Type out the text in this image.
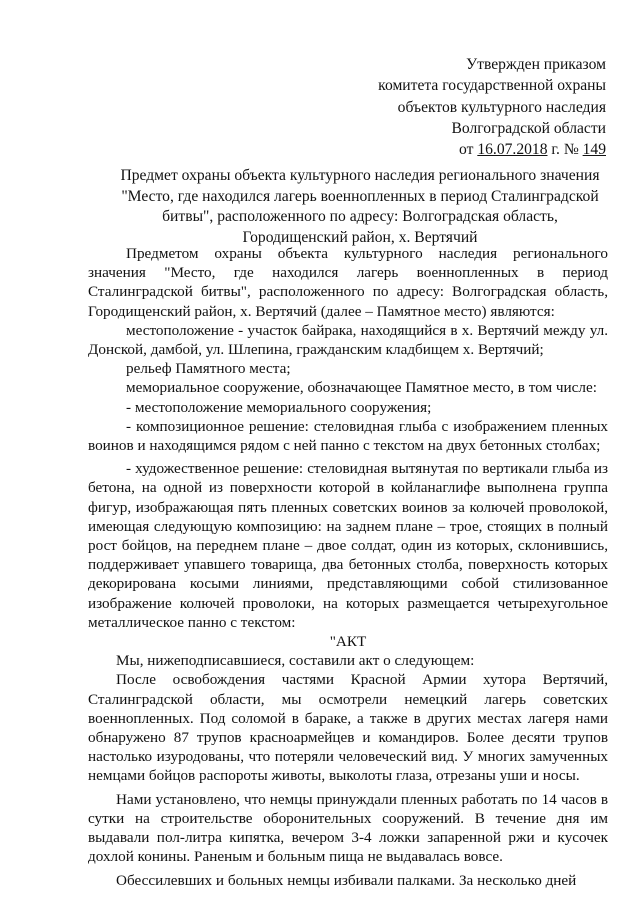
Утвержден приказом
комитета государственной охраны
объектов культурного наследия
Волгоградской области
от 16.07.2018 г. № 149
Предмет охраны объекта культурного наследия регионального значения "Место, где находился лагерь военнопленных в период Сталинградской битвы", расположенного по адресу: Волгоградская область, Городищенский район, х. Вертячий

Предметом охраны объекта культурного наследия регионального значения "Место, где находился лагерь военнопленных в период Сталинградской битвы", расположенного по адресу: Волгоградская область, Городищенский район, х. Вертячий (далее – Памятное место) являются:

местоположение - участок байрака, находящийся в х. Вертячий между ул. Донской, дамбой, ул. Шлепина, гражданским кладбищем х. Вертячий;

рельеф Памятного места;

мемориальное сооружение, обозначающее Памятное место, в том числе:

- местоположение мемориального сооружения;

- композиционное решение: стеловидная глыба с изображением пленных воинов и находящимся рядом с ней панно с текстом на двух бетонных столбах;

- художественное решение: стеловидная вытянутая по вертикали глыба из бетона, на одной из поверхности которой в койланаглифе выполнена группа фигур, изображающая пять пленных советских воинов за колючей проволокой, имеющая следующую композицию: на заднем плане – трое, стоящих в полный рост бойцов, на переднем плане – двое солдат, один из которых, склонившись, поддерживает упавшего товарища, два бетонных столба, поверхность которых декорирована косыми линиями, представляющими собой стилизованное изображение колючей проволоки, на которых размещается четырехугольное металлическое панно с текстом:

"АКТ

Мы, нижеподписавшиеся, составили акт о следующем:

После освобождения частями Красной Армии хутора Вертячий, Сталинградской области, мы осмотрели немецкий лагерь советских военнопленных. Под соломой в бараке, а также в других местах лагеря нами обнаружено 87 трупов красноармейцев и командиров. Более десяти трупов настолько изуродованы, что потеряли человеческий вид. У многих замученных немцами бойцов распороты животы, выколоты глаза, отрезаны уши и носы.

Нами установлено, что немцы принуждали пленных работать по 14 часов в сутки на строительстве оборонительных сооружений. В течение дня им выдавали пол-литра кипятка, вечером 3-4 ложки запаренной ржи и кусочек дохлой конины. Раненым и больным пища не выдавалась вовсе.

Обессилевших и больных немцы избивали палками. За несколько дней
